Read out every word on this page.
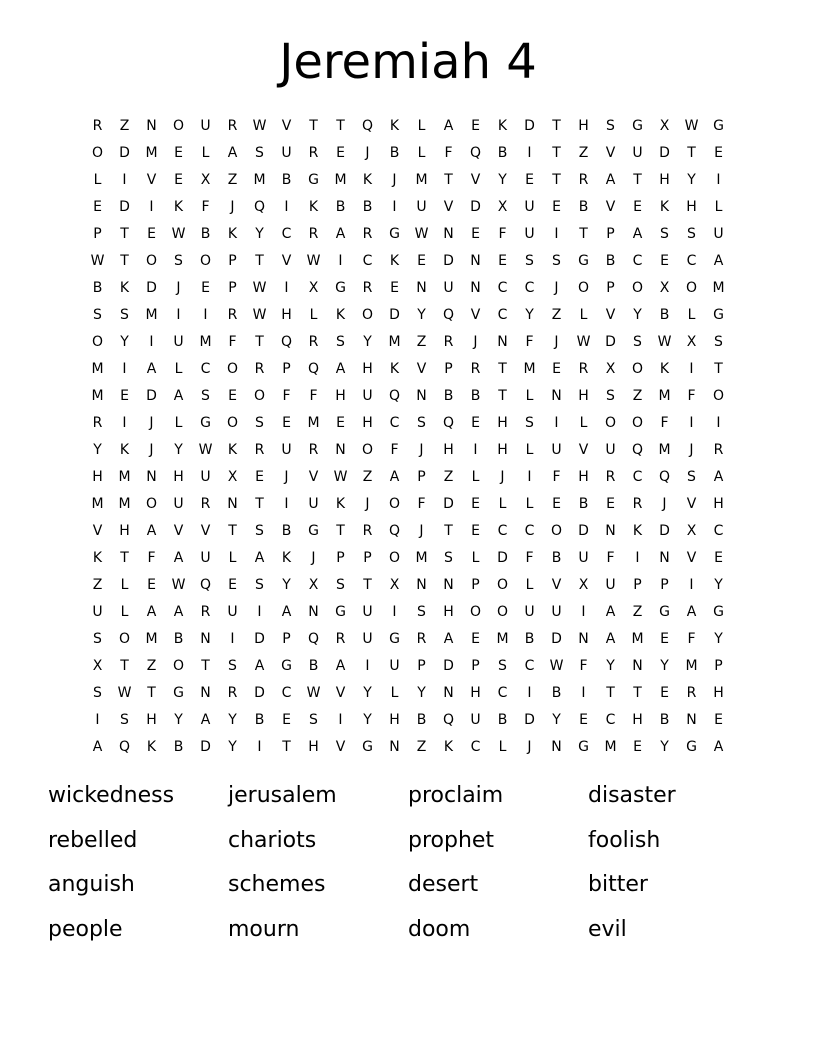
Jeremiah 4
R	Z	N	O	U	R	W	V	T	T	Q	K	L	A	E	K	D	T	H	S	G	X	W	G
O	D	M	E	L	A	S	U	R	E	J	B	L	F	Q	B	I	T	Z	V	U	D	T	E
L	I	V	E	X	Z	M	B	G	M	K	J	M	T	V	Y	E	T	R	A	T	H	Y	I
E	D	I	K	F	J	Q	I	K	B	B	I	U	V	D	X	U	E	B	V	E	K	H	L
P	T	E	W	B	K	Y	C	R	A	R	G	W	N	E	F	U	I	T	P	A	S	S	U
W	T	O	S	O	P	T	V	W	I	C	K	E	D	N	E	S	S	G	B	C	E	C	A
B	K	D	J	E	P	W	I	X	G	R	E	N	U	N	C	C	J	O	P	O	X	O	M
S	S	M	I	I	R	W	H	L	K	O	D	Y	Q	V	C	Y	Z	L	V	Y	B	L	G
O	Y	I	U	M	F	T	Q	R	S	Y	M	Z	R	J	N	F	J	W	D	S	W	X	S
M	I	A	L	C	O	R	P	Q	A	H	K	V	P	R	T	M	E	R	X	O	K	I	T
M	E	D	A	S	E	O	F	F	H	U	Q	N	B	B	T	L	N	H	S	Z	M	F	O
R	I	J	L	G	O	S	E	M	E	H	C	S	Q	E	H	S	I	L	O	O	F	I	I
Y	K	J	Y	W	K	R	U	R	N	O	F	J	H	I	H	L	U	V	U	Q	M	J	R
H	M	N	H	U	X	E	J	V	W	Z	A	P	Z	L	J	I	F	H	R	C	Q	S	A
M	M	O	U	R	N	T	I	U	K	J	O	F	D	E	L	L	E	B	E	R	J	V	H
V	H	A	V	V	T	S	B	G	T	R	Q	J	T	E	C	C	O	D	N	K	D	X	C
K	T	F	A	U	L	A	K	J	P	P	O	M	S	L	D	F	B	U	F	I	N	V	E
Z	L	E	W	Q	E	S	Y	X	S	T	X	N	N	P	O	L	V	X	U	P	P	I	Y
U	L	A	A	R	U	I	A	N	G	U	I	S	H	O	O	U	U	I	A	Z	G	A	G
S	O	M	B	N	I	D	P	Q	R	U	G	R	A	E	M	B	D	N	A	M	E	F	Y
X	T	Z	O	T	S	A	G	B	A	I	U	P	D	P	S	C	W	F	Y	N	Y	M	P
S	W	T	G	N	R	D	C	W	V	Y	L	Y	N	H	C	I	B	I	T	T	E	R	H
I	S	H	Y	A	Y	B	E	S	I	Y	H	B	Q	U	B	D	Y	E	C	H	B	N	E
A	Q	K	B	D	Y	I	T	H	V	G	N	Z	K	C	L	J	N	G	M	E	Y	G	A
wickedness	jerusalem	proclaim	disaster
rebelled	chariots	prophet	foolish
anguish	schemes	desert	bitter
people	mourn	doom	evil
